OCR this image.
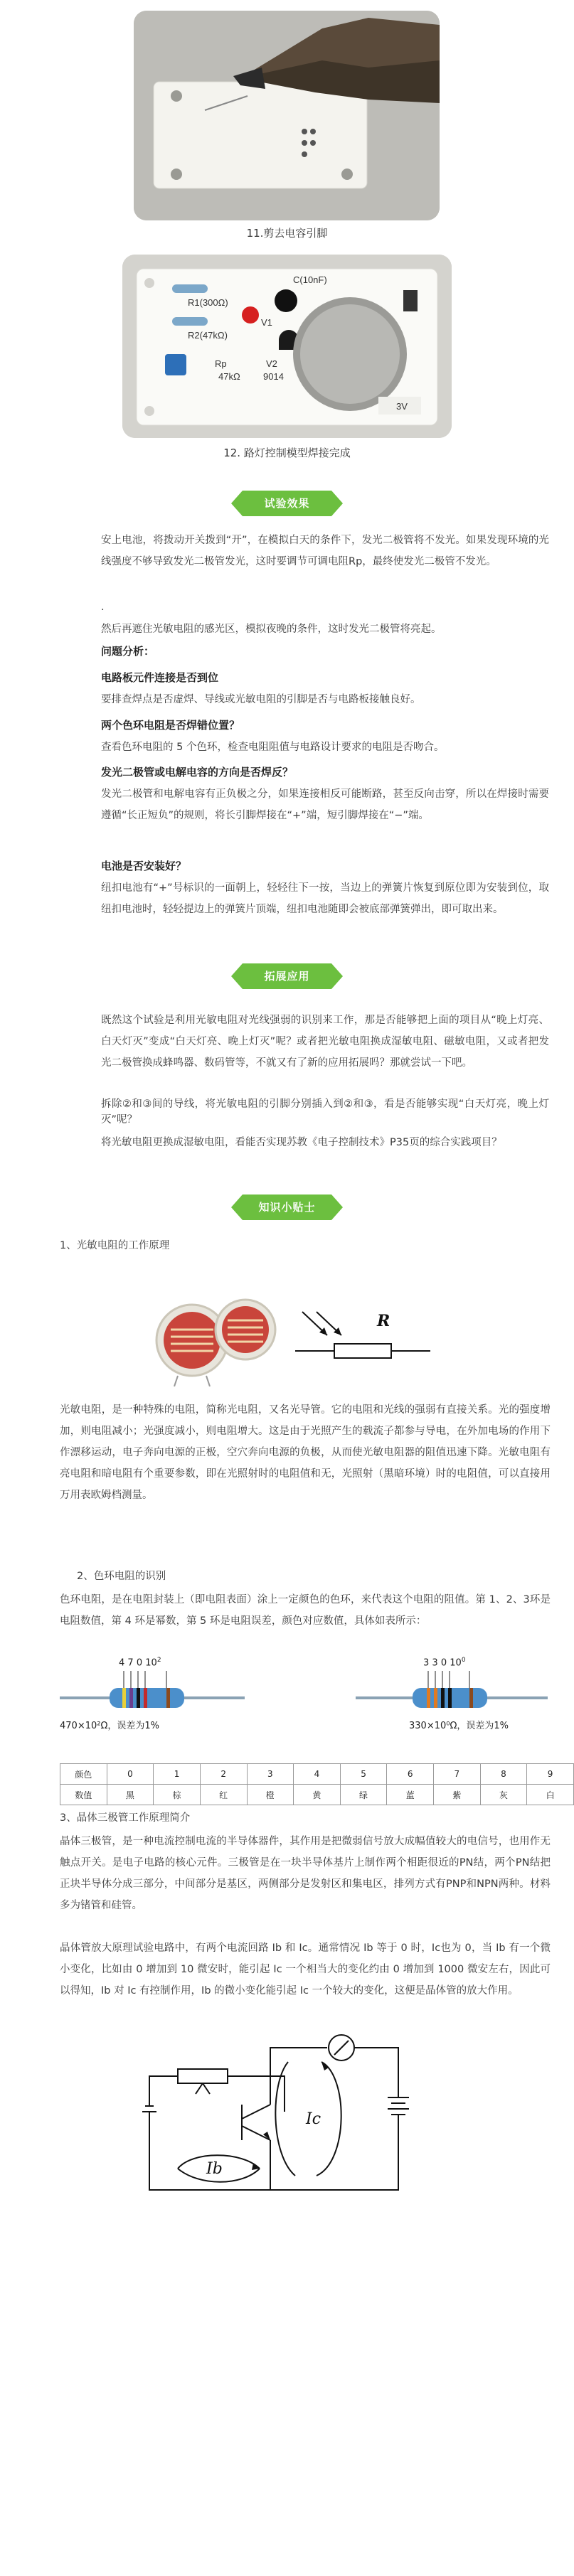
11.剪去电容引脚
R1(300Ω)
R2(47kΩ)
Rp
47kΩ
V2
9014
C(10nF)
V1
3V
12. 路灯控制模型焊接完成
试验效果
安上电池，将拨动开关拨到“开”，在模拟白天的条件下，发光二极管将不发光。如果发现环境的光线强度不够导致发光二极管发光，这时要调节可调电阻Rp，最终使发光二极管不发光。
.
然后再遮住光敏电阻的感光区，模拟夜晚的条件，这时发光二极管将亮起。
问题分析：
电路板元件连接是否到位
要排查焊点是否虚焊、导线或光敏电阻的引脚是否与电路板接触良好。
两个色环电阻是否焊错位置？
查看色环电阻的 5 个色环，检查电阻阻值与电路设计要求的电阻是否吻合。
发光二极管或电解电容的方向是否焊反？
发光二极管和电解电容有正负极之分，如果连接相反可能断路，甚至反向击穿，所以在焊接时需要遵循“长正短负”的规则，将长引脚焊接在“+”端，短引脚焊接在“−”端。
电池是否安装好？
纽扣电池有“+”号标识的一面朝上，轻轻往下一按，当边上的弹簧片恢复到原位即为安装到位，取纽扣电池时，轻轻提边上的弹簧片顶端，纽扣电池随即会被底部弹簧弹出，即可取出来。
拓展应用
既然这个试验是利用光敏电阻对光线强弱的识别来工作，那是否能够把上面的项目从“晚上灯亮、白天灯灭”变成“白天灯亮、晚上灯灭”呢？或者把光敏电阻换成湿敏电阻、磁敏电阻，又或者把发光二极管换成蜂鸣器、数码管等，不就又有了新的应用拓展吗？那就尝试一下吧。
拆除②和③间的导线，将光敏电阻的引脚分别插入到②和③，看是否能够实现“白天灯亮，晚上灯灭”呢？
将光敏电阻更换成湿敏电阻，看能否实现苏教《电子控制技术》P35页的综合实践项目？
知识小贴士
1、光敏电阻的工作原理
R
光敏电阻，是一种特殊的电阻，简称光电阻，又名光导管。它的电阻和光线的强弱有直接关系。光的强度增加，则电阻减小；光强度减小，则电阻增大。这是由于光照产生的载流子都参与导电，在外加电场的作用下作漂移运动，电子奔向电源的正极，空穴奔向电源的负极，从而使光敏电阻器的阻值迅速下降。光敏电阻有亮电阻和暗电阻有个重要参数，即在光照射时的电阻值和无，光照射（黑暗环境）时的电阻值，可以直接用万用表欧姆档测量。
2、色环电阻的识别
色环电阻，是在电阻封装上（即电阻表面）涂上一定颜色的色环，来代表这个电阻的阻值。第 1、2、3环是电阻数值，第 4 环是幂数，第 5 环是电阻误差，颜色对应数值，具体如表所示：
4 7 0 $10^2$
470×10²Ω，误差为1%
3 3 0 $10^0$
330×10⁰Ω，误差为1%
颜色	0	1	2	3	4	5	6	7	8	9
数值	黑	棕	红	橙	黄	绿	蓝	紫	灰	白
3、晶体三极管工作原理简介
晶体三极管，是一种电流控制电流的半导体器件，其作用是把微弱信号放大成幅值较大的电信号，也用作无触点开关。是电子电路的核心元件。三极管是在一块半导体基片上制作两个相距很近的PN结，两个PN结把正块半导体分成三部分，中间部分是基区，两侧部分是发射区和集电区，排列方式有PNP和NPN两种。材料多为锗管和硅管。
晶体管放大原理试验电路中，有两个电流回路 Ib 和 Ic。通常情况 Ib 等于 0 时，Ic也为 0，当 Ib 有一个微小变化，比如由 0 增加到 10 微安时，能引起 Ic 一个相当大的变化约由 0 增加到 1000 微安左右，因此可以得知，Ib 对 Ic 有控制作用，Ib 的微小变化能引起 Ic 一个较大的变化，这便是晶体管的放大作用。
Ib
Ic
